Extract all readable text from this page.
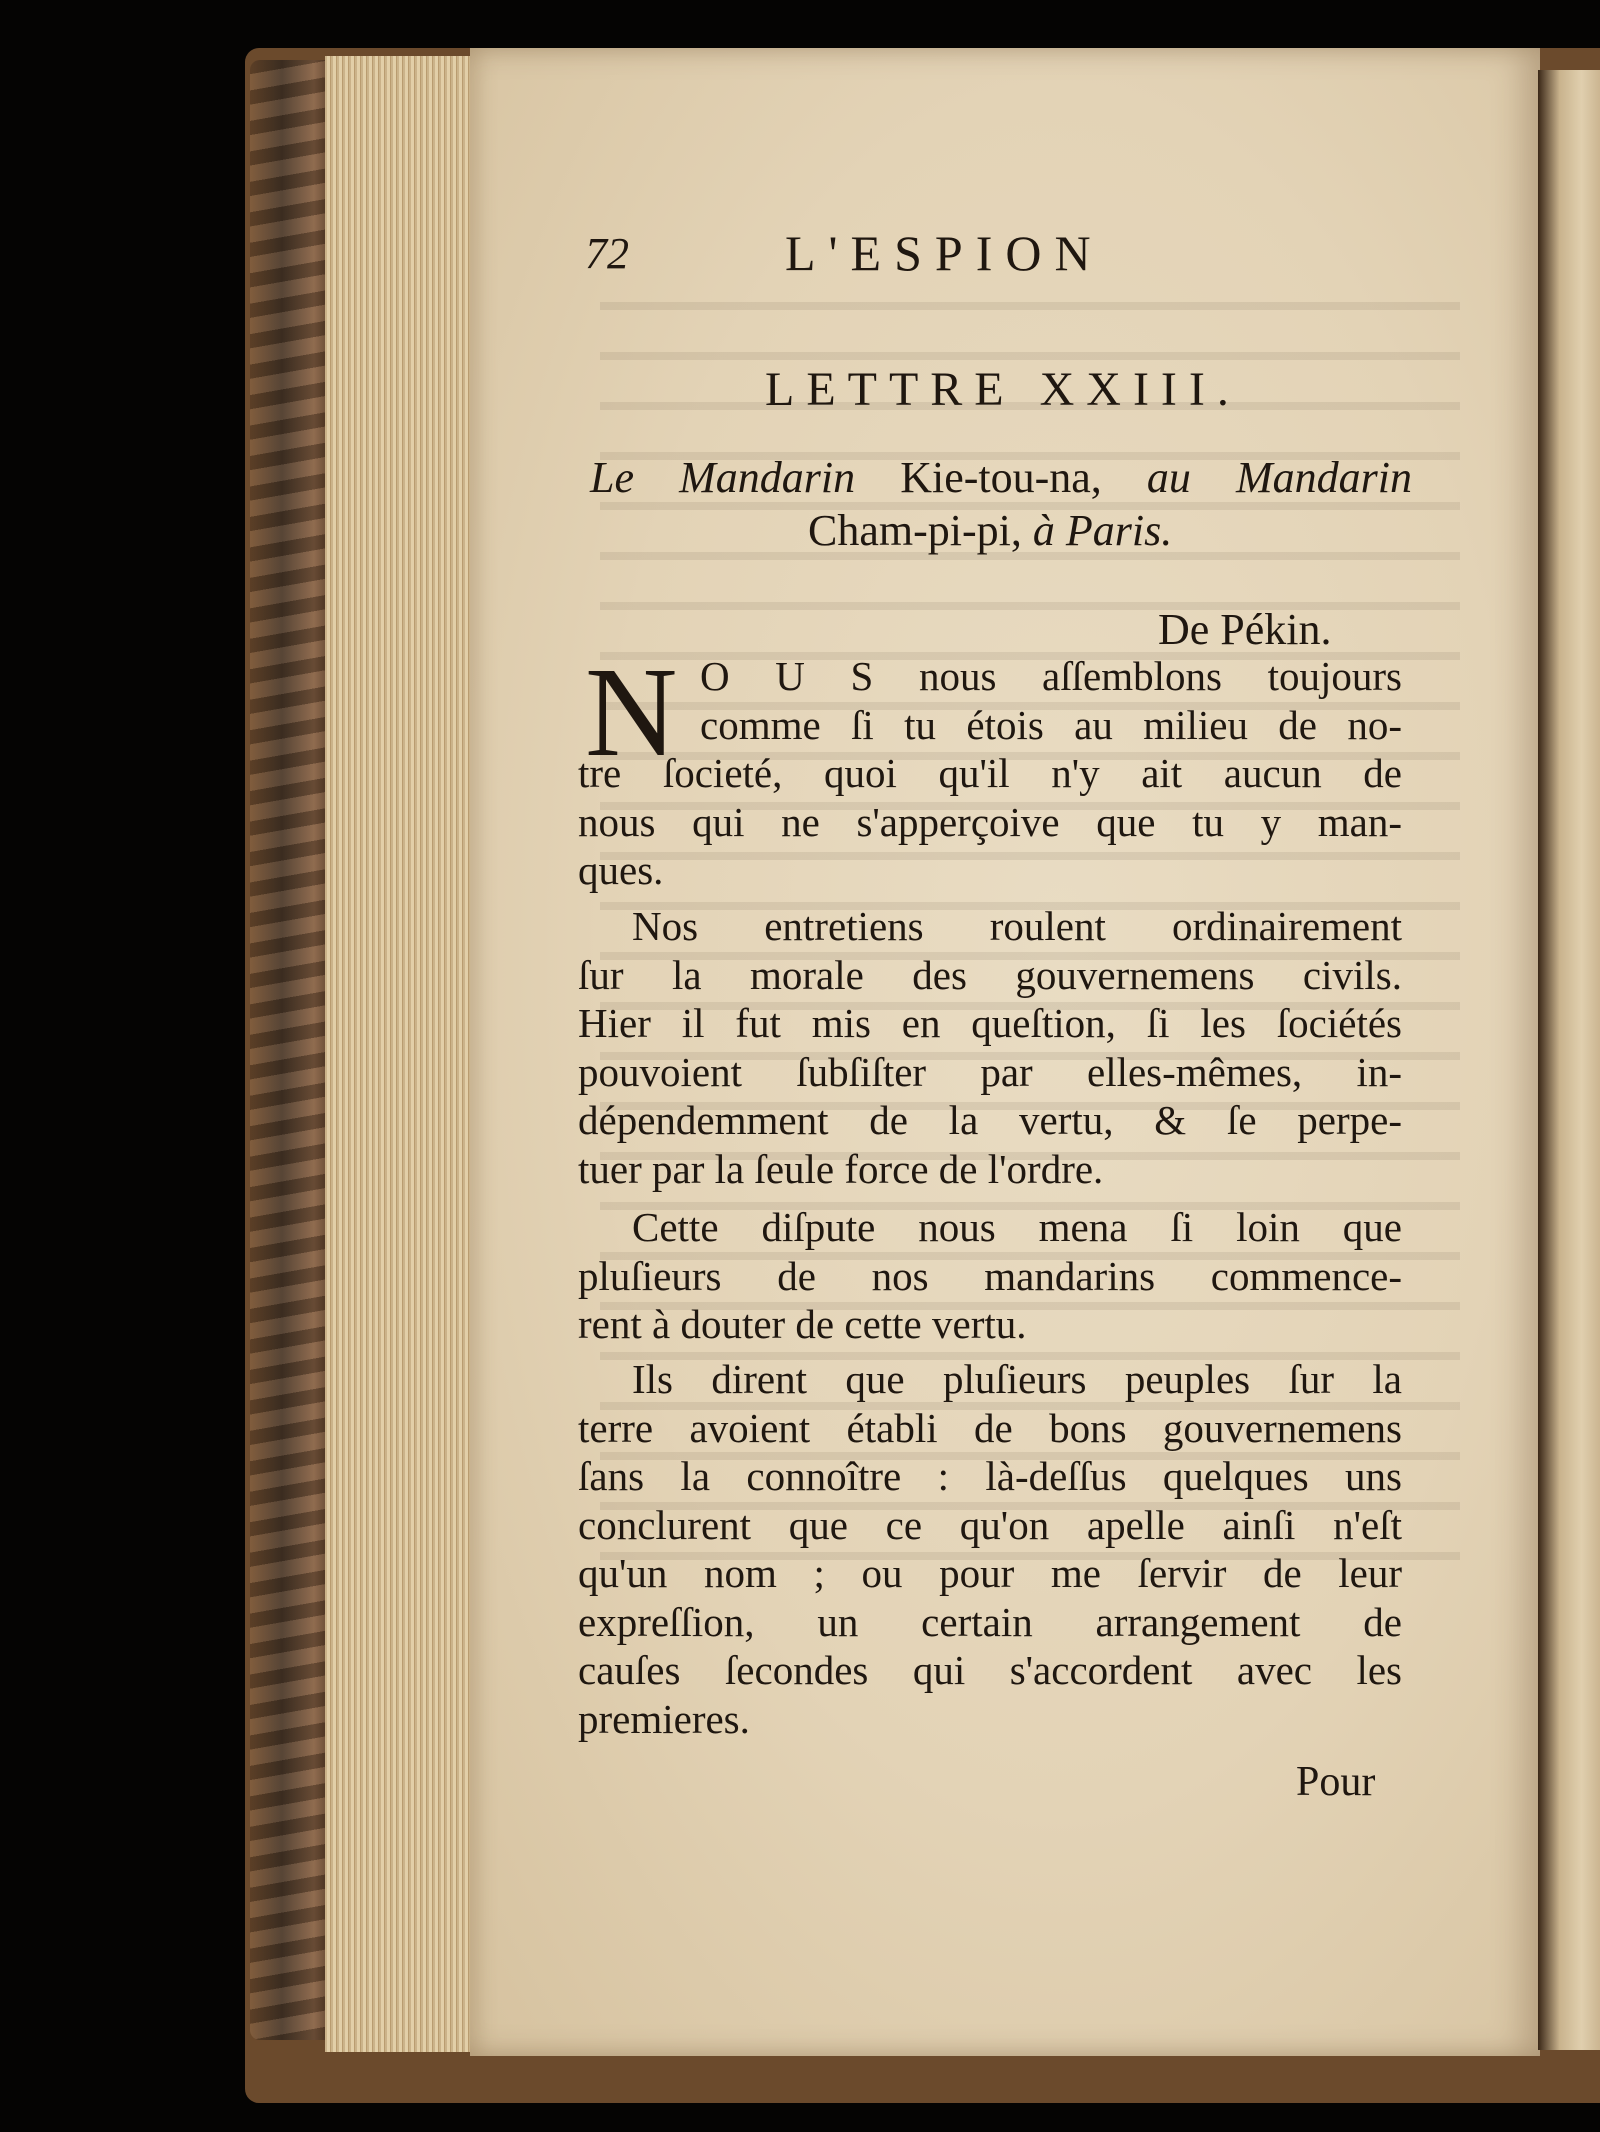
72	L'ESPION

LETTRE XXIII.

Le Mandarin Kie-tou-na, au Mandarin

Cham-pi-pi, à Paris.

De Pékin.

N O U S nous aſſemblons toujours
comme ſi tu étois au milieu de no-
tre ſocieté, quoi qu'il n'y ait aucun de
nous qui ne s'apperçoive que tu y man-
ques.
Nos entretiens roulent ordinairement
ſur la morale des gouvernemens civils.
Hier il fut mis en queſtion, ſi les ſociétés
pouvoient ſubſiſter par elles-mêmes, in-
dépendemment de la vertu, & ſe perpe-
tuer par la ſeule force de l'ordre.
Cette diſpute nous mena ſi loin que
pluſieurs de nos mandarins commence-
rent à douter de cette vertu.
Ils dirent que pluſieurs peuples ſur la
terre avoient établi de bons gouvernemens
ſans la connoître : là-deſſus quelques uns
conclurent que ce qu'on apelle ainſi n'eſt
qu'un nom ; ou pour me ſervir de leur
expreſſion, un certain arrangement de
cauſes ſecondes qui s'accordent avec les
premieres.

Pour
